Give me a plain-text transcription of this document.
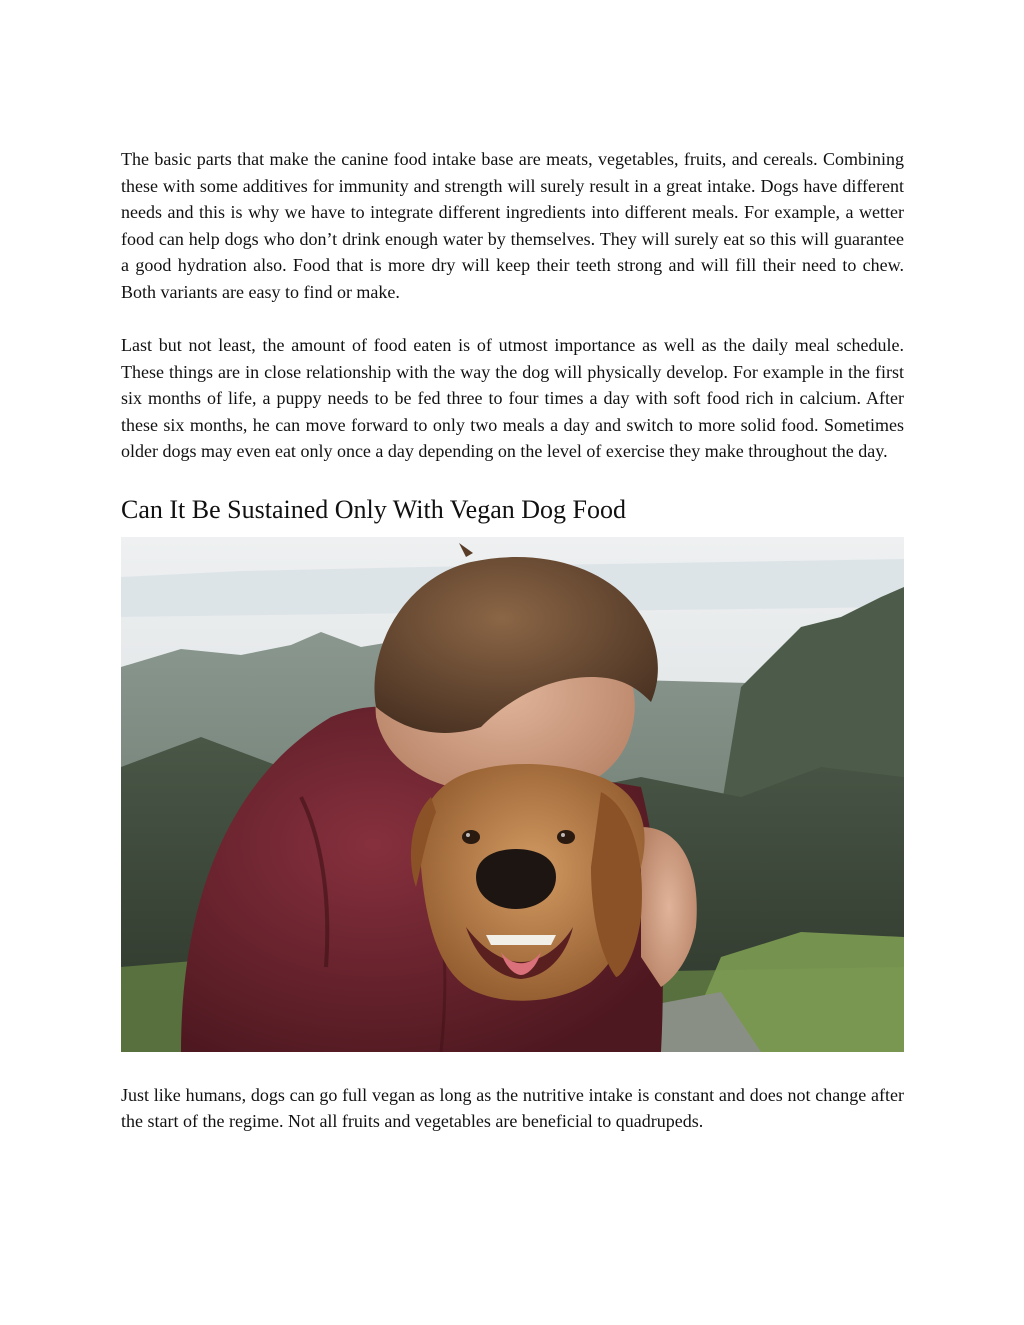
The basic parts that make the canine food intake base are meats, vegetables, fruits, and cereals. Combining these with some additives for immunity and strength will surely result in a great intake. Dogs have different needs and this is why we have to integrate different ingredients into different meals. For example, a wetter food can help dogs who don’t drink enough water by themselves. They will surely eat so this will guarantee a good hydration also. Food that is more dry will keep their teeth strong and will fill their need to chew. Both variants are easy to find or make.

Last but not least, the amount of food eaten is of utmost importance as well as the daily meal schedule. These things are in close relationship with the way the dog will physically develop. For example in the first six months of life, a puppy needs to be fed three to four times a day with soft food rich in calcium. After these six months, he can move forward to only two meals a day and switch to more solid food. Sometimes older dogs may even eat only once a day depending on the level of exercise they make throughout the day.

Can It Be Sustained Only With Vegan Dog Food

Just like humans, dogs can go full vegan as long as the nutritive intake is constant and does not change after the start of the regime. Not all fruits and vegetables are beneficial to quadrupeds.
